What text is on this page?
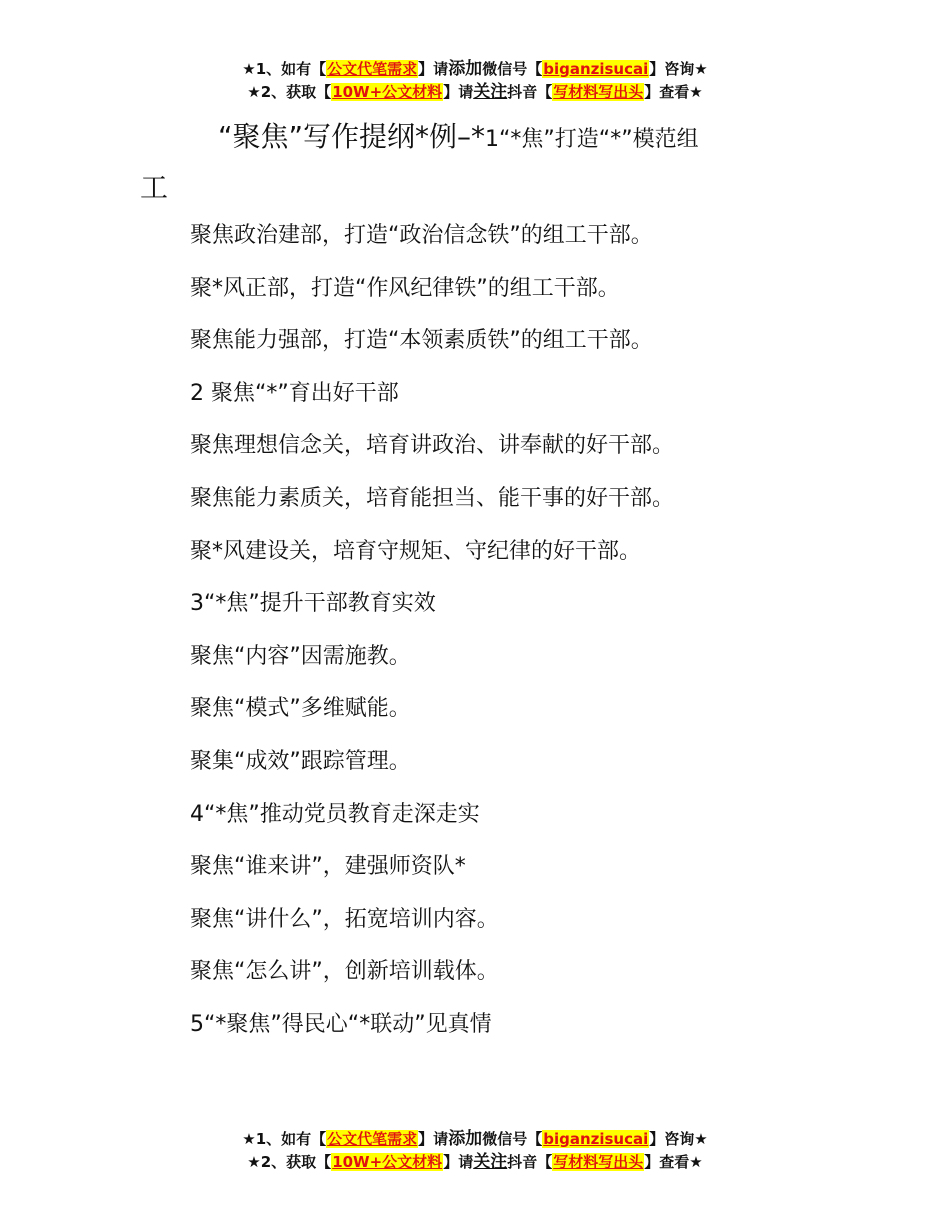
★1、如有【公文代笔需求】请添加微信号【biganzisucai】咨询★
★2、获取【10W+公文材料】请关注抖音【写材料写出头】查看★
“聚焦”写作提纲*例–*1“*焦”打造“*”模范组
工
聚焦政治建部，打造“政治信念铁”的组工干部。
聚*风正部，打造“作风纪律铁”的组工干部。
聚焦能力强部，打造“本领素质铁”的组工干部。
2 聚焦“*”育出好干部
聚焦理想信念关，培育讲政治、讲奉献的好干部。
聚焦能力素质关，培育能担当、能干事的好干部。
聚*风建设关，培育守规矩、守纪律的好干部。
3“*焦”提升干部教育实效
聚焦“内容”因需施教。
聚焦“模式”多维赋能。
聚集“成效”跟踪管理。
4“*焦”推动党员教育走深走实
聚焦“谁来讲”，建强师资队*
聚焦“讲什么”，拓宽培训内容。
聚焦“怎么讲”，创新培训载体。
5“*聚焦”得民心“*联动”见真情
★1、如有【公文代笔需求】请添加微信号【biganzisucai】咨询★
★2、获取【10W+公文材料】请关注抖音【写材料写出头】查看★
